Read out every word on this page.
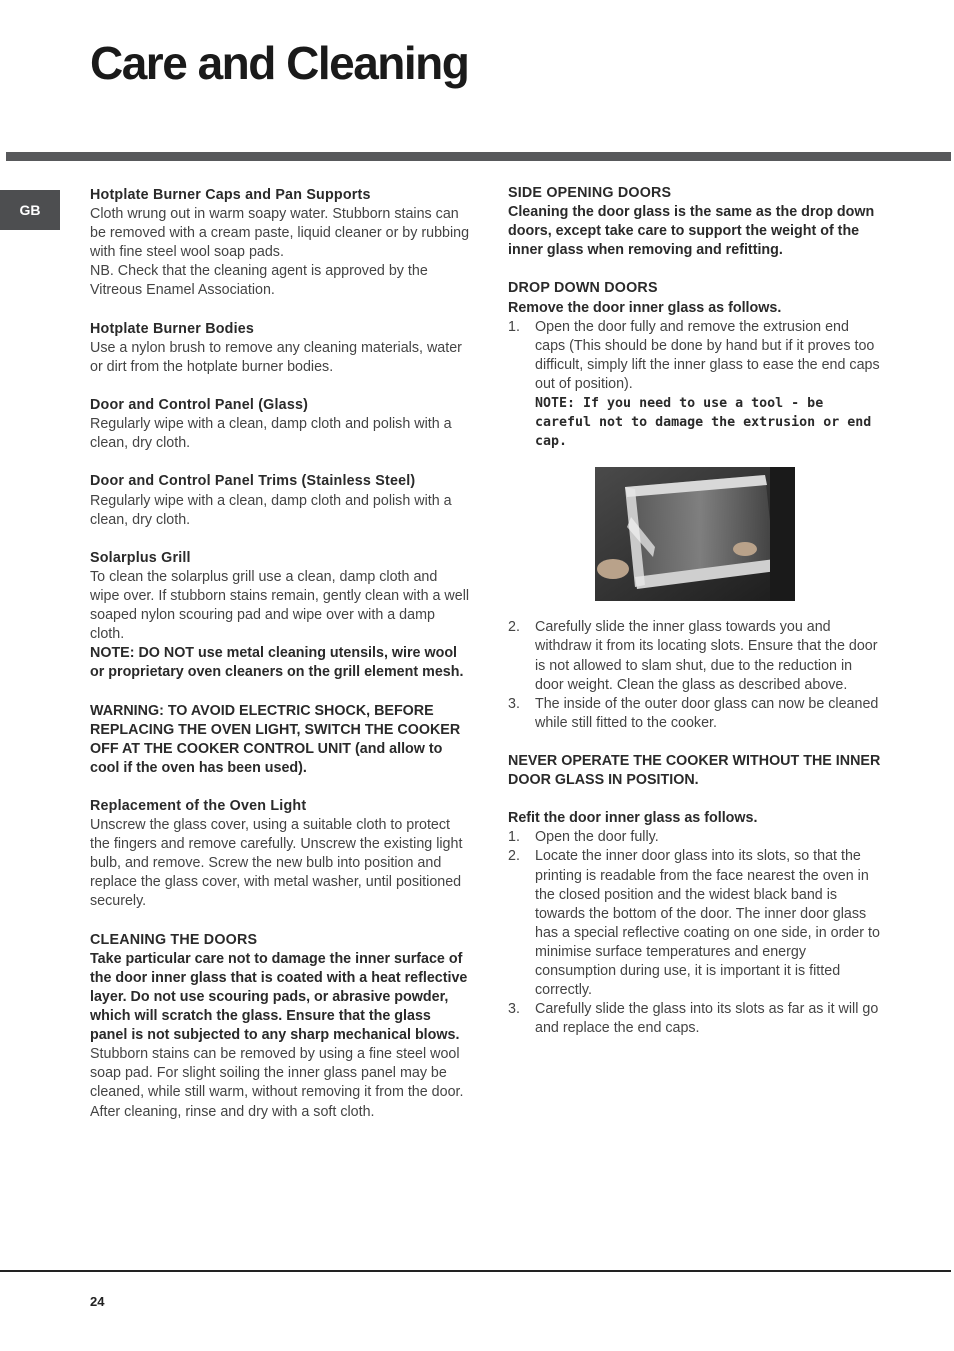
Care and Cleaning
GB
Hotplate Burner Caps and Pan Supports

Cloth wrung out in warm soapy water. Stubborn stains can be removed with a cream paste, liquid cleaner or by rubbing with fine steel wool soap pads.

NB. Check that the cleaning agent is approved by the Vitreous Enamel Association.

Hotplate Burner Bodies

Use a nylon brush to remove any cleaning materials, water or dirt from the hotplate burner bodies.

Door and Control Panel (Glass)

Regularly wipe with a clean, damp cloth and polish with a clean, dry cloth.

Door and Control Panel Trims (Stainless Steel)

Regularly wipe with a clean, damp cloth and polish with a clean, dry cloth.

Solarplus Grill

To clean the solarplus grill use a clean, damp cloth and wipe over. If stubborn stains remain, gently clean with a well soaped nylon scouring pad and wipe over with a damp cloth.

NOTE: DO NOT use metal cleaning utensils, wire wool or proprietary oven cleaners on the grill element mesh.

WARNING: TO AVOID ELECTRIC SHOCK, BEFORE REPLACING THE OVEN LIGHT, SWITCH THE COOKER OFF AT THE COOKER CONTROL UNIT (and allow to cool if the oven has been used).

Replacement of the Oven Light

Unscrew the glass cover, using a suitable cloth to protect the fingers and remove carefully. Unscrew the existing light bulb, and remove. Screw the new bulb into position and replace the glass cover, with metal washer, until positioned securely.

CLEANING THE DOORS

Take particular care not to damage the inner surface of the door inner glass that is coated with a heat reflective layer. Do not use scouring pads, or abrasive powder, which will scratch the glass. Ensure that the glass panel is not subjected to any sharp mechanical blows.

Stubborn stains can be removed by using a fine steel wool soap pad. For slight soiling the inner glass panel may be cleaned, while still warm, without removing it from the door. After cleaning, rinse and dry with a soft cloth.

SIDE OPENING DOORS

Cleaning the door glass is the same as the drop down doors, except take care to support the weight of the inner glass when removing and refitting.

DROP DOWN DOORS
Remove the door inner glass as follows.
1. Open the door fully and remove the extrusion end caps (This should be done by hand but if it proves too difficult, simply lift the inner glass to ease the end caps out of position).

NOTE: If you need to use a tool - be careful not to damage the extrusion or end cap.

2. Carefully slide the inner glass towards you and withdraw it from its locating slots. Ensure that the door is not allowed to slam shut, due to the reduction in door weight. Clean the glass as described above.
3. The inside of the outer door glass can now be cleaned while still fitted to the cooker.

NEVER OPERATE THE COOKER WITHOUT THE INNER DOOR GLASS IN POSITION.

Refit the door inner glass as follows.
1. Open the door fully.
2. Locate the inner door glass into its slots, so that the printing is readable from the face nearest the oven in the closed position and the widest black band is towards the bottom of the door. The inner door glass has a special reflective coating on one side, in order to minimise surface temperatures and energy consumption during use, it is important it is fitted correctly.
3. Carefully slide the glass into its slots as far as it will go and replace the end caps.
24
